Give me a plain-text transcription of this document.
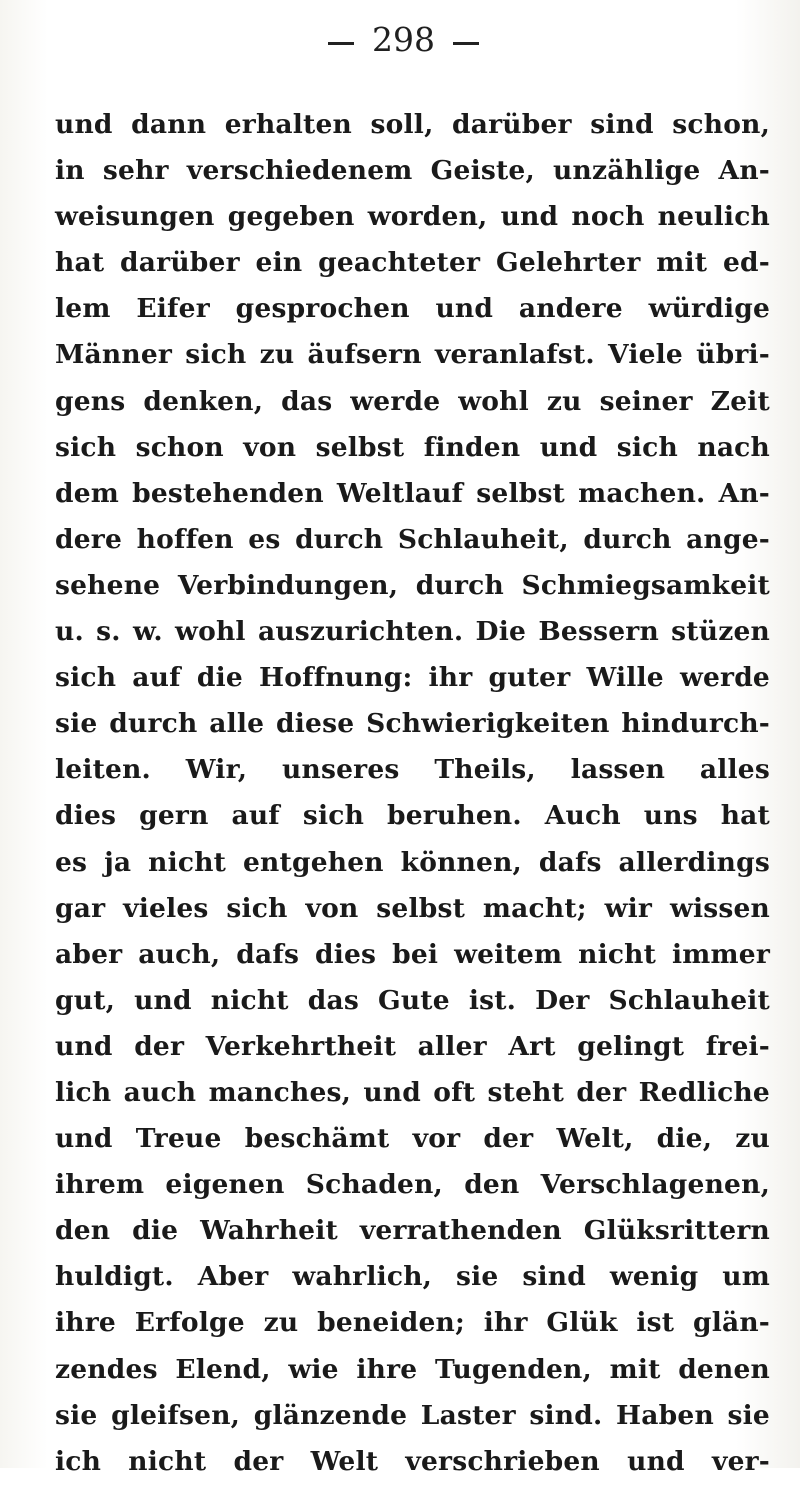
298
und dann erhalten soll, darüber sind schon,
in sehr verschiedenem Geiste, unzählige An-
weisungen gegeben worden, und noch neulich
hat darüber ein geachteter Gelehrter mit ed-
lem Eifer gesprochen und andere würdige
Männer sich zu äufsern veranlafst. Viele übri-
gens denken, das werde wohl zu seiner Zeit
sich schon von selbst finden und sich nach
dem bestehenden Weltlauf selbst machen. An-
dere hoffen es durch Schlauheit, durch ange-
sehene Verbindungen, durch Schmiegsamkeit
u. s. w. wohl auszurichten. Die Bessern stüzen
sich auf die Hoffnung: ihr guter Wille werde
sie durch alle diese Schwierigkeiten hindurch-
leiten. Wir, unseres Theils, lassen alles
dies gern auf sich beruhen. Auch uns hat
es ja nicht entgehen können, dafs allerdings
gar vieles sich von selbst macht; wir wissen
aber auch, dafs dies bei weitem nicht immer
gut, und nicht das Gute ist. Der Schlauheit
und der Verkehrtheit aller Art gelingt frei-
lich auch manches, und oft steht der Redliche
und Treue beschämt vor der Welt, die, zu
ihrem eigenen Schaden, den Verschlagenen,
den die Wahrheit verrathenden Glüksrittern
huldigt. Aber wahrlich, sie sind wenig um
ihre Erfolge zu beneiden; ihr Glük ist glän-
zendes Elend, wie ihre Tugenden, mit denen
sie gleifsen, glänzende Laster sind. Haben sie
ich nicht der Welt verschrieben und ver-
